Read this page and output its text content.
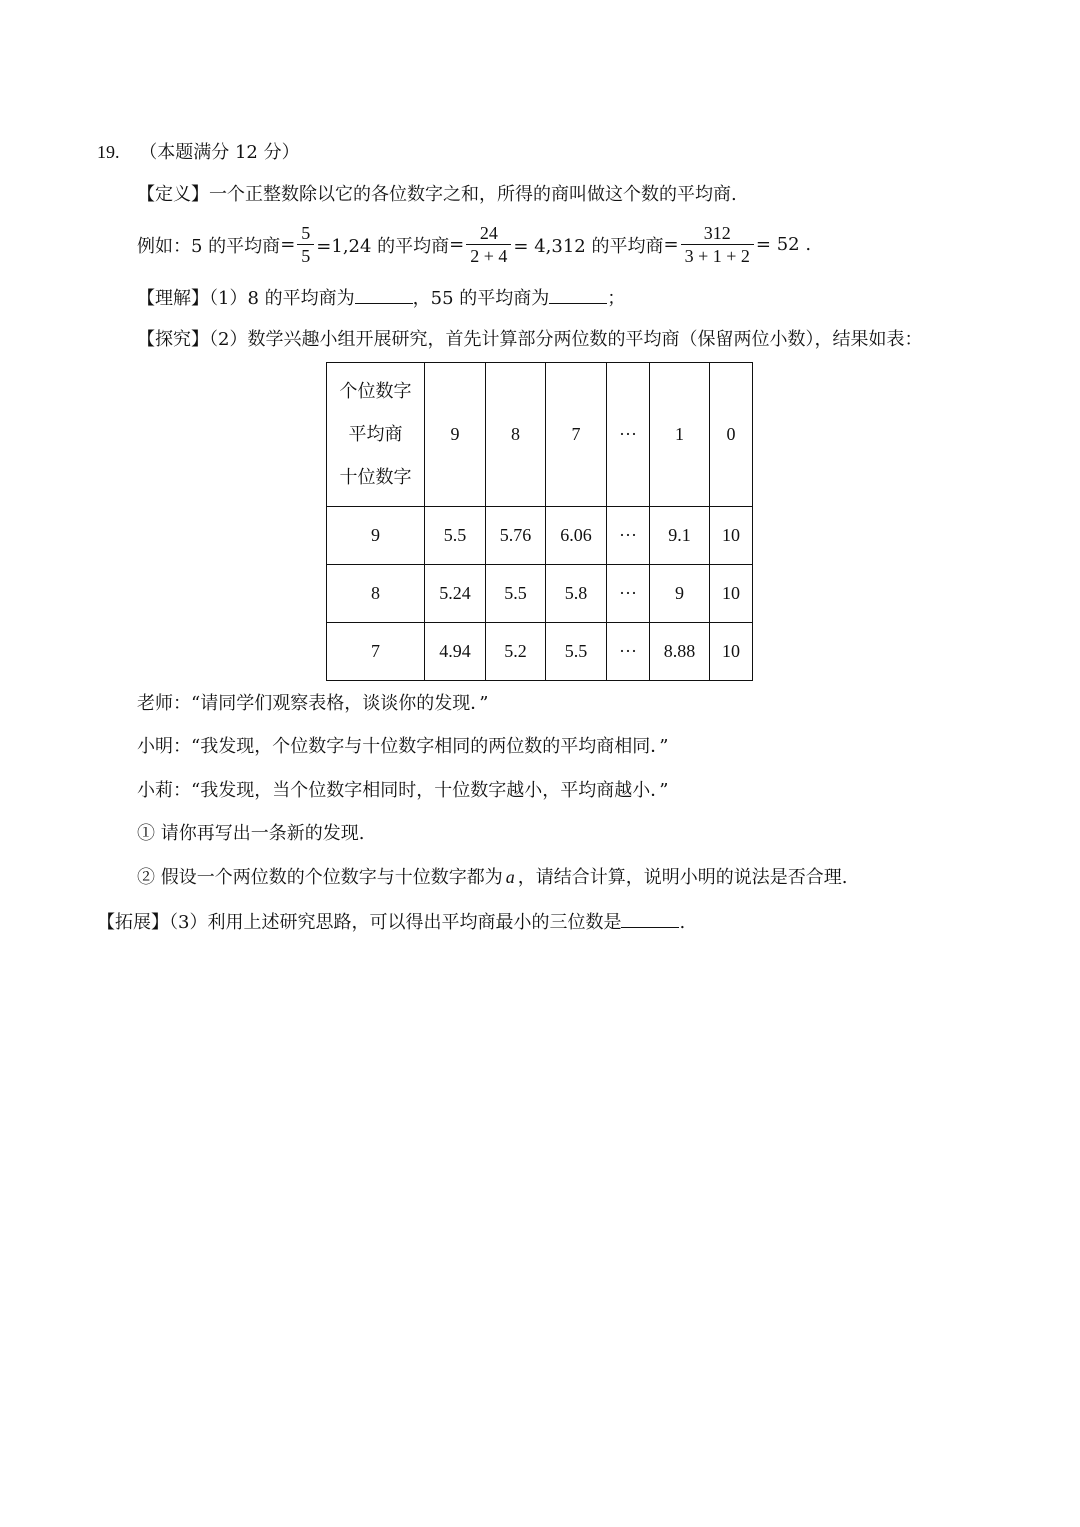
19. （本题满分 12 分）
【定义】一个正整数除以它的各位数字之和，所得的商叫做这个数的平均商.
例如：5 的平均商 = $\frac{5}{5} =1,24$ 的平均商 = $\frac{24}{2 + 4} = 4,312$ 的平均商 = $\frac{312}{3 + 1 + 2} = 52$ .
【理解】（1）8 的平均商为	，55 的平均商为	；
【探究】（2）数学兴趣小组开展研究，首先计算部分两位数的平均商（保留两位小数），结果如表：
个位数字
平均商
十位数字	9	8	7	···	1	0
9	5.5	5.76	6.06	···	9.1	10
8	5.24	5.5	5.8	···	9	10
7	4.94	5.2	5.5	···	8.88	10
老师：“请同学们观察表格，谈谈你的发现．”
小明：“我发现，个位数字与十位数字相同的两位数的平均商相同．”
小莉：“我发现，当个位数字相同时，十位数字越小，平均商越小．”
① 请你再写出一条新的发现.
② 假设一个两位数的个位数字与十位数字都为 a ，请结合计算，说明小明的说法是否合理.
【拓展】（3）利用上述研究思路，可以得出平均商最小的三位数是	.
